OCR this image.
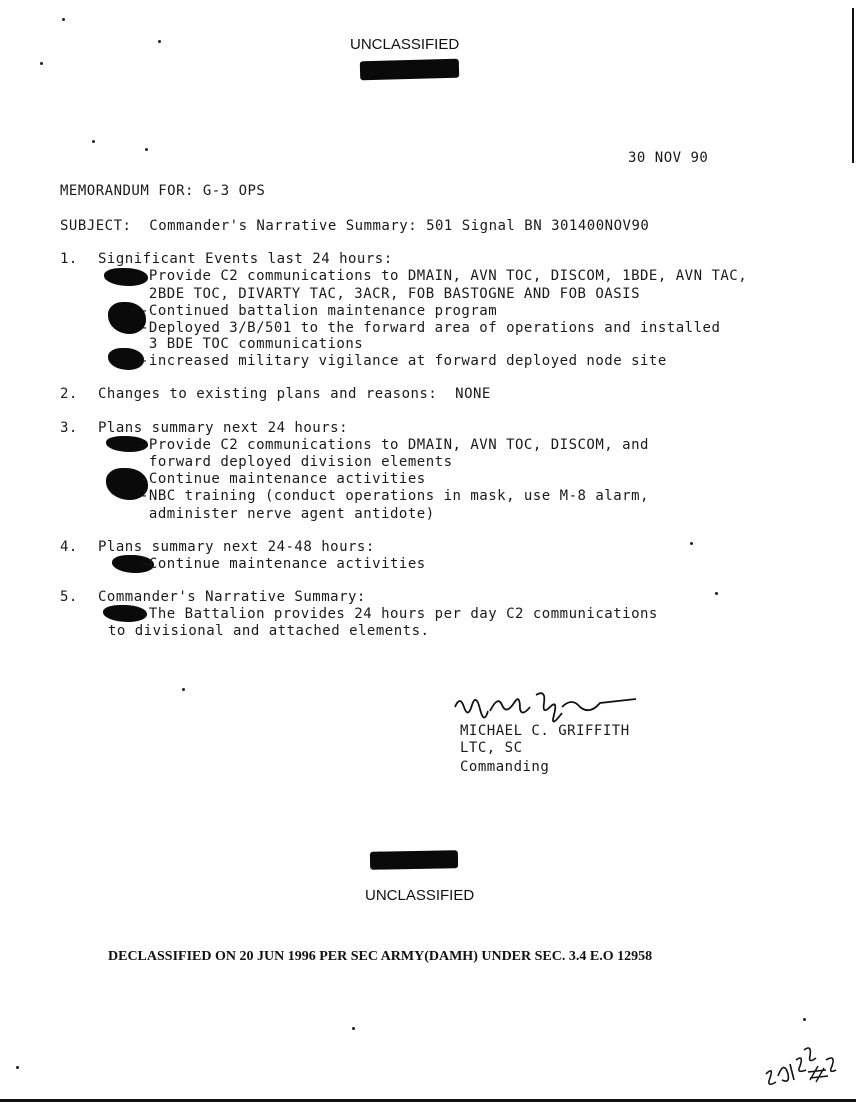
UNCLASSIFIED
30 NOV 90
MEMORANDUM FOR: G-3 OPS
SUBJECT:  Commander's Narrative Summary: 501 Signal BN 301400NOV90
1. Significant Events last 24 hours:
-Provide C2 communications to DMAIN, AVN TOC, DISCOM, 1BDE, AVN TAC,
2BDE TOC, DIVARTY TAC, 3ACR, FOB BASTOGNE AND FOB OASIS
-Continued battalion maintenance program
-Deployed 3/B/501 to the forward area of operations and installed
3 BDE TOC communications
-increased military vigilance at forward deployed node site
2. Changes to existing plans and reasons:  NONE
3. Plans summary next 24 hours:
-Provide C2 communications to DMAIN, AVN TOC, DISCOM, and
forward deployed division elements
-Continue maintenance activities
-NBC training (conduct operations in mask, use M-8 alarm,
administer nerve agent antidote)
4. Plans summary next 24-48 hours:
-Continue maintenance activities
5. Commander's Narrative Summary:
-The Battalion provides 24 hours per day C2 communications
to divisional and attached elements.
MICHAEL C. GRIFFITH
LTC, SC
Commanding
UNCLASSIFIED
DECLASSIFIED ON 20 JUN 1996 PER SEC ARMY(DAMH) UNDER SEC. 3.4 E.O 12958
